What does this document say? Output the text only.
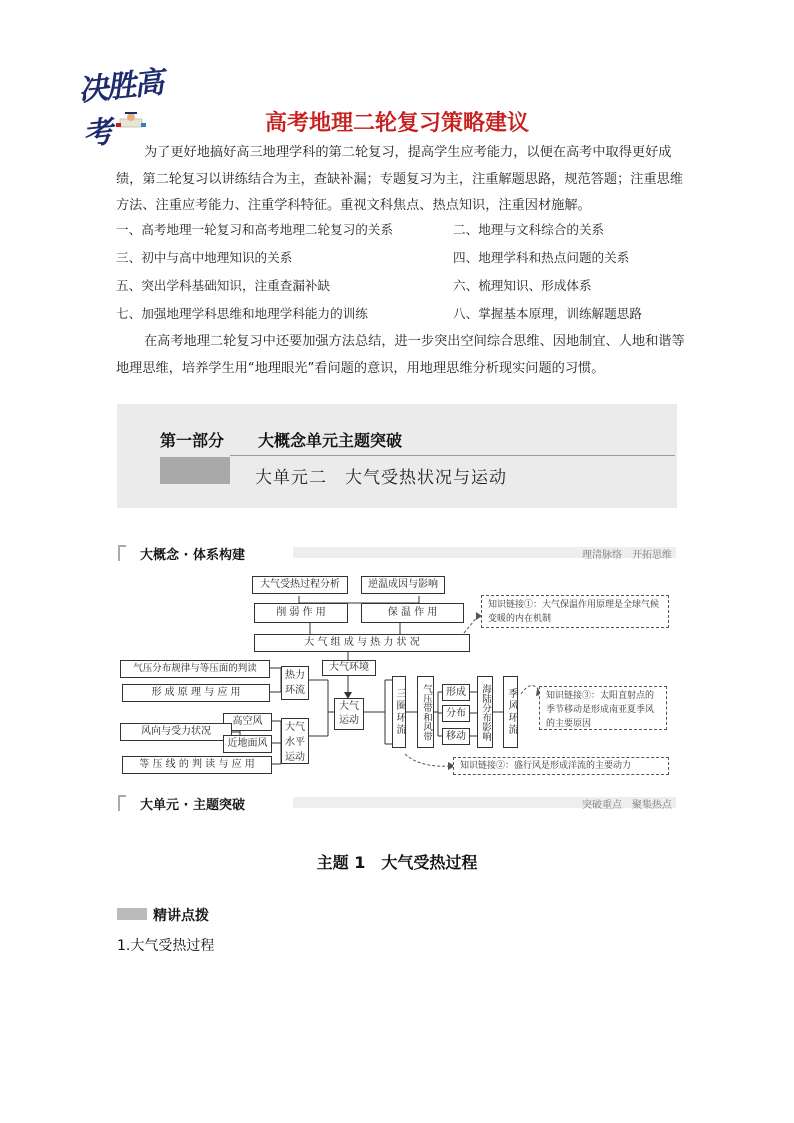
决胜高考	高考地理二轮复习策略建议
为了更好地搞好高三地理学科的第二轮复习，提高学生应考能力，以便在高考中取得更好成绩，第二轮复习以讲练结合为主，查缺补漏；专题复习为主，注重解题思路，规范答题；注重思维方法、注重应考能力、注重学科特征。重视文科焦点、热点知识，注重因材施解。
一、高考地理一轮复习和高考地理二轮复习的关系	二、地理与文科综合的关系
三、初中与高中地理知识的关系	四、地理学科和热点问题的关系
五、突出学科基础知识，注重查漏补缺	六、梳理知识、形成体系
七、加强地理学科思维和地理学科能力的训练	八、掌握基本原理，训练解题思路
在高考地理二轮复习中还要加强方法总结，进一步突出空间综合思维、因地制宜、人地和谐等地理思维，培养学生用“地理眼光”看问题的意识，用地理思维分析现实问题的习惯。
第一部分 大概念单元主题突破
大单元二　大气受热状况与运动
大概念 · 体系构建	理清脉络　开拓思维
大气受热过程分析	逆温成因与影响
削 弱 作 用	保 温 作 用
知识链接①：大气保温作用原理是全球气候变暖的内在机制
大 气 组 成 与 热 力 状 况
气压分布规律与等压面的判读
形 成 原 理 与 应 用
热力环流
大气环境
大气运动
高空风
风向与受力状况
近地面风
大气水平运动
等 压 线 的 判 读 与 应 用
三圈环流	气压带和风带	形成
分布
移动	海陆分布影响	季风环流	知识链接③：太阳直射点的季节移动是形成南亚夏季风的主要原因
知识链接②：盛行风是形成洋流的主要动力
大单元 · 主题突破	突破重点　聚集热点
主题 1　大气受热过程
精讲点拨
1.大气受热过程
